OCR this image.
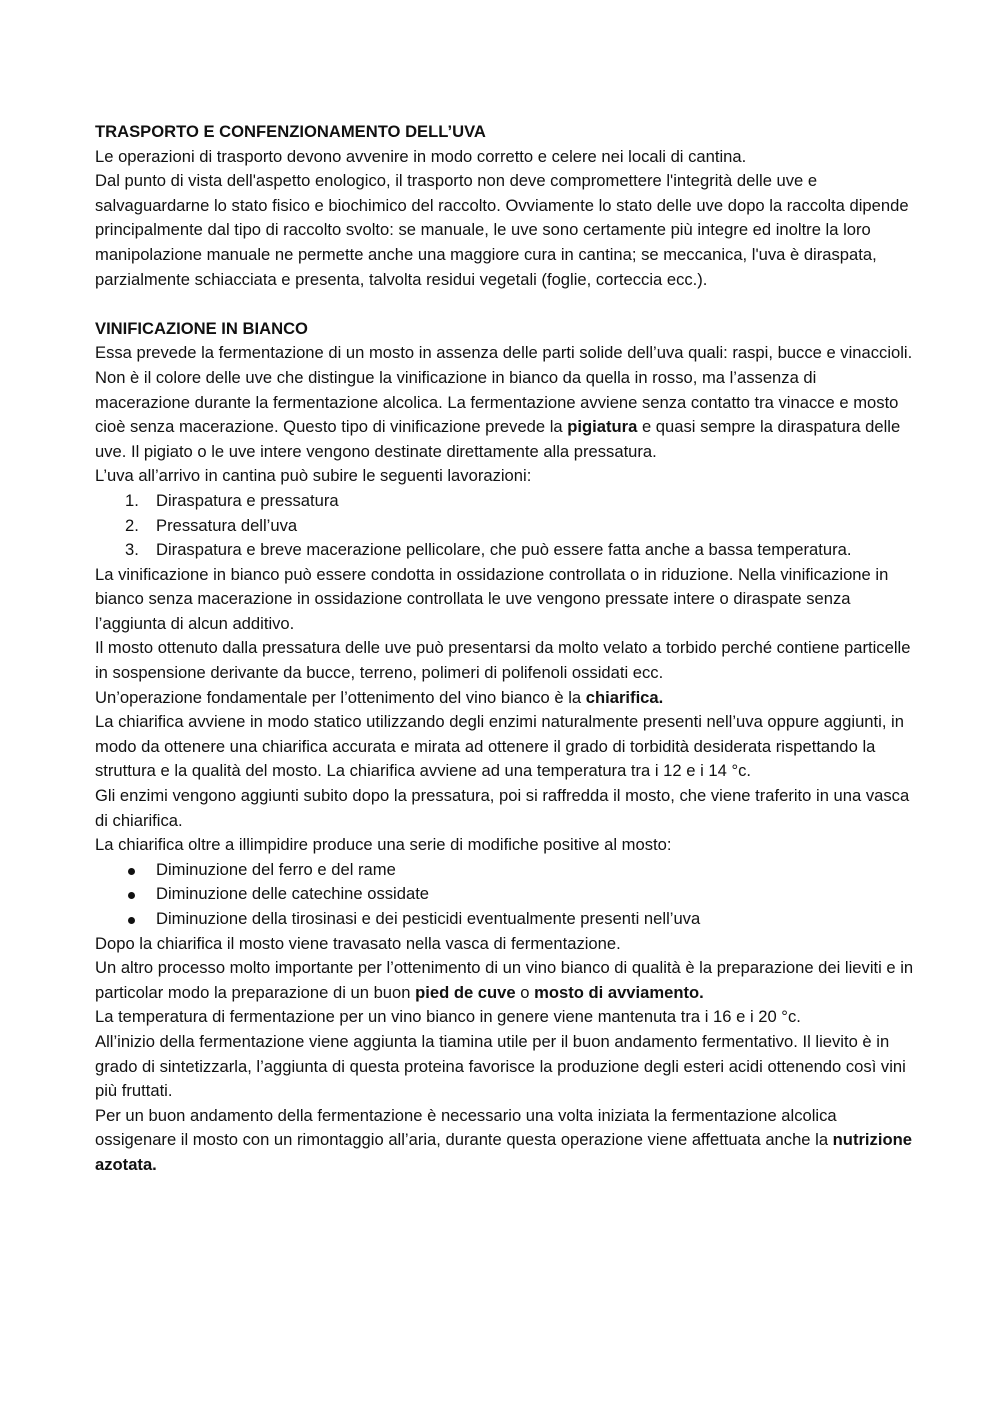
TRASPORTO E CONFENZIONAMENTO DELL’UVA

Le operazioni di trasporto devono avvenire in modo corretto e celere nei locali di cantina.

Dal punto di vista dell'aspetto enologico, il trasporto non deve compromettere l'integrità delle uve e salvaguardarne lo stato fisico e biochimico del raccolto. Ovviamente lo stato delle uve dopo la raccolta dipende principalmente dal tipo di raccolto svolto: se manuale, le uve sono certamente più integre ed inoltre la loro manipolazione manuale ne permette anche una maggiore cura in cantina; se meccanica, l'uva è diraspata, parzialmente schiacciata e presenta, talvolta residui vegetali (foglie, corteccia ecc.).

VINIFICAZIONE IN BIANCO

Essa prevede la fermentazione di un mosto in assenza delle parti solide dell’uva quali: raspi, bucce e vinaccioli. Non è il colore delle uve che distingue la vinificazione in bianco da quella in rosso, ma l’assenza di macerazione durante la fermentazione alcolica. La fermentazione avviene senza contatto tra vinacce e mosto cioè senza macerazione. Questo tipo di vinificazione prevede la pigiatura e quasi sempre la diraspatura delle uve. Il pigiato o le uve intere vengono destinate direttamente alla pressatura.

L’uva all’arrivo in cantina può subire le seguenti lavorazioni:

1. Diraspatura e pressatura
2. Pressatura dell’uva
3. Diraspatura e breve macerazione pellicolare, che può essere fatta anche a bassa temperatura.

La vinificazione in bianco può essere condotta in ossidazione controllata o in riduzione. Nella vinificazione in bianco senza macerazione in ossidazione controllata le uve vengono pressate intere o diraspate senza l’aggiunta di alcun additivo.

Il mosto ottenuto dalla pressatura delle uve può presentarsi da molto velato a torbido perché contiene particelle in sospensione derivante da bucce, terreno, polimeri di polifenoli ossidati ecc.

Un’operazione fondamentale per l’ottenimento del vino bianco è la chiarifica.

La chiarifica avviene in modo statico utilizzando degli enzimi naturalmente presenti nell’uva oppure aggiunti, in modo da ottenere una chiarifica accurata e mirata ad ottenere il grado di torbidità desiderata rispettando la struttura e la qualità del mosto. La chiarifica avviene ad una temperatura tra i 12 e i 14 °c.

Gli enzimi vengono aggiunti subito dopo la pressatura, poi si raffredda il mosto, che viene traferito in una vasca di chiarifica.

La chiarifica oltre a illimpidire produce una serie di modifiche positive al mosto:

Diminuzione del ferro e del rame
Diminuzione delle catechine ossidate
Diminuzione della tirosinasi e dei pesticidi eventualmente presenti nell’uva

Dopo la chiarifica il mosto viene travasato nella vasca di fermentazione.

Un altro processo molto importante per l’ottenimento di un vino bianco di qualità è la preparazione dei lieviti e in particolar modo la preparazione di un buon pied de cuve o mosto di avviamento.

La temperatura di fermentazione per un vino bianco in genere viene mantenuta tra i 16 e i 20 °c.

All’inizio della fermentazione viene aggiunta la tiamina utile per il buon andamento fermentativo. Il lievito è in grado di sintetizzarla, l’aggiunta di questa proteina favorisce la produzione degli esteri acidi ottenendo così vini più fruttati.

Per un buon andamento della fermentazione è necessario una volta iniziata la fermentazione alcolica ossigenare il mosto con un rimontaggio all’aria, durante questa operazione viene affettuata anche la nutrizione azotata.
